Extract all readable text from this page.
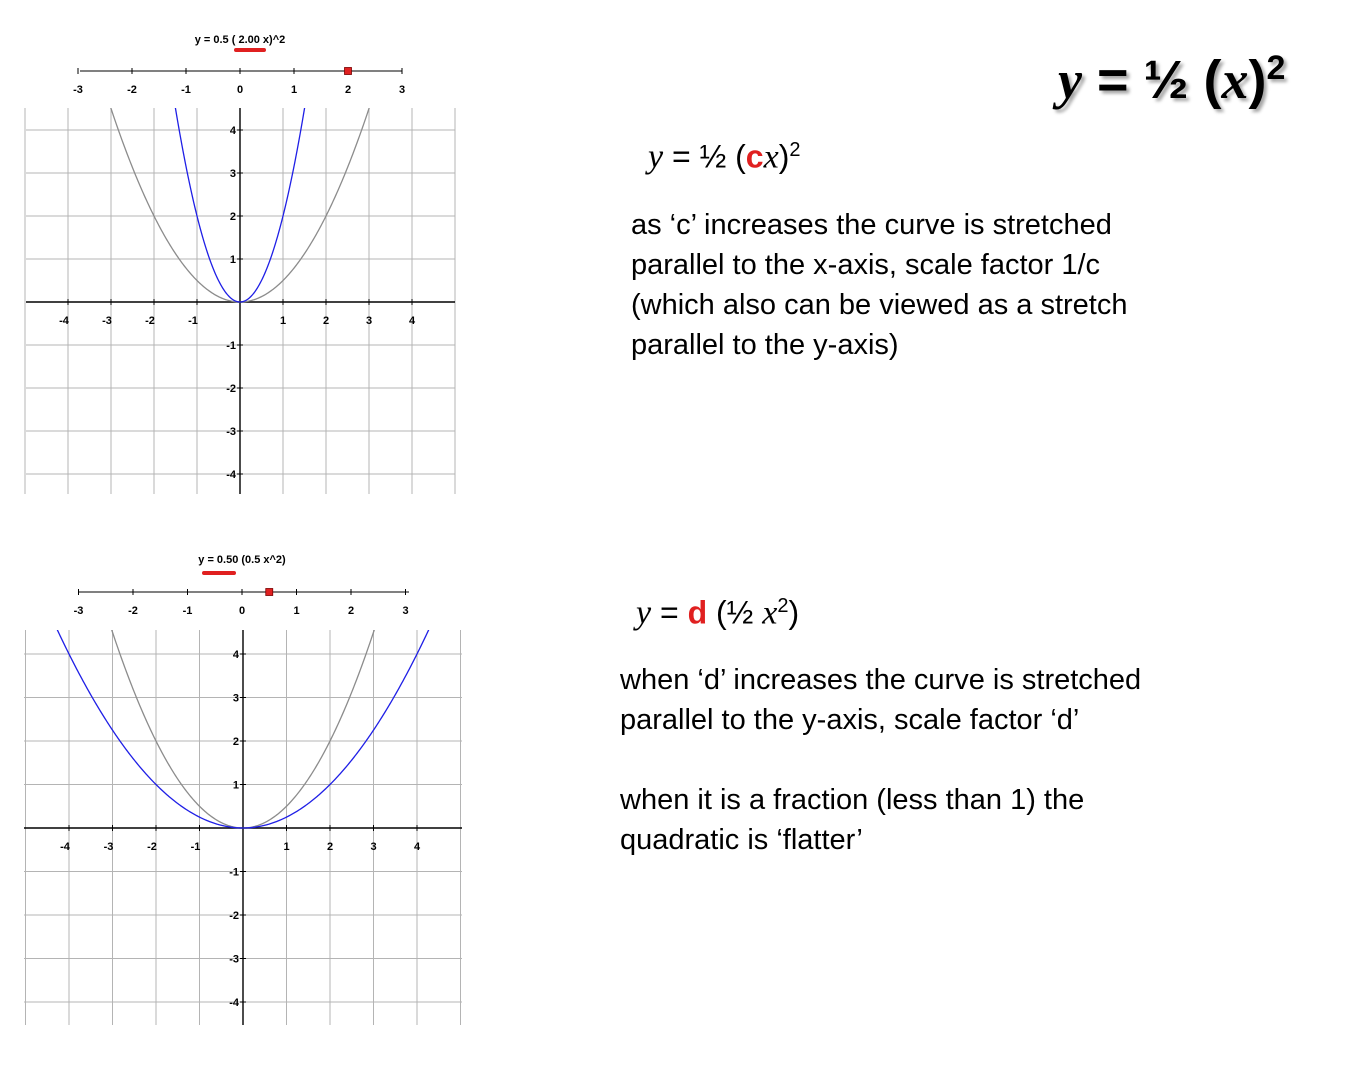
-4	-3	-2	-1	1	2	3	4
4
3
2
1
-1
-2
-3
-4
-3	-2	-1	0	1	2	3
y = 0.5 ( 2.00 x)^2
-4	-3	-2	-1	1	2	3	4
4
3
2
1
-1
-2
-3
-4
-3	-2	-1	0	1	2	3
y = 0.50 (0.5 x^2)
y = ½ $(x)^2$
y = ½ (cx)$^2$
as ‘c’ increases the curve is stretched
parallel to the x-axis, scale factor 1/c
(which also can be viewed as a stretch
parallel to the y-axis)
y = d (½ $x^2$)
when ‘d’ increases the curve is stretched
parallel to the y-axis, scale factor ‘d’

when it is a fraction (less than 1) the
quadratic is ‘flatter’
